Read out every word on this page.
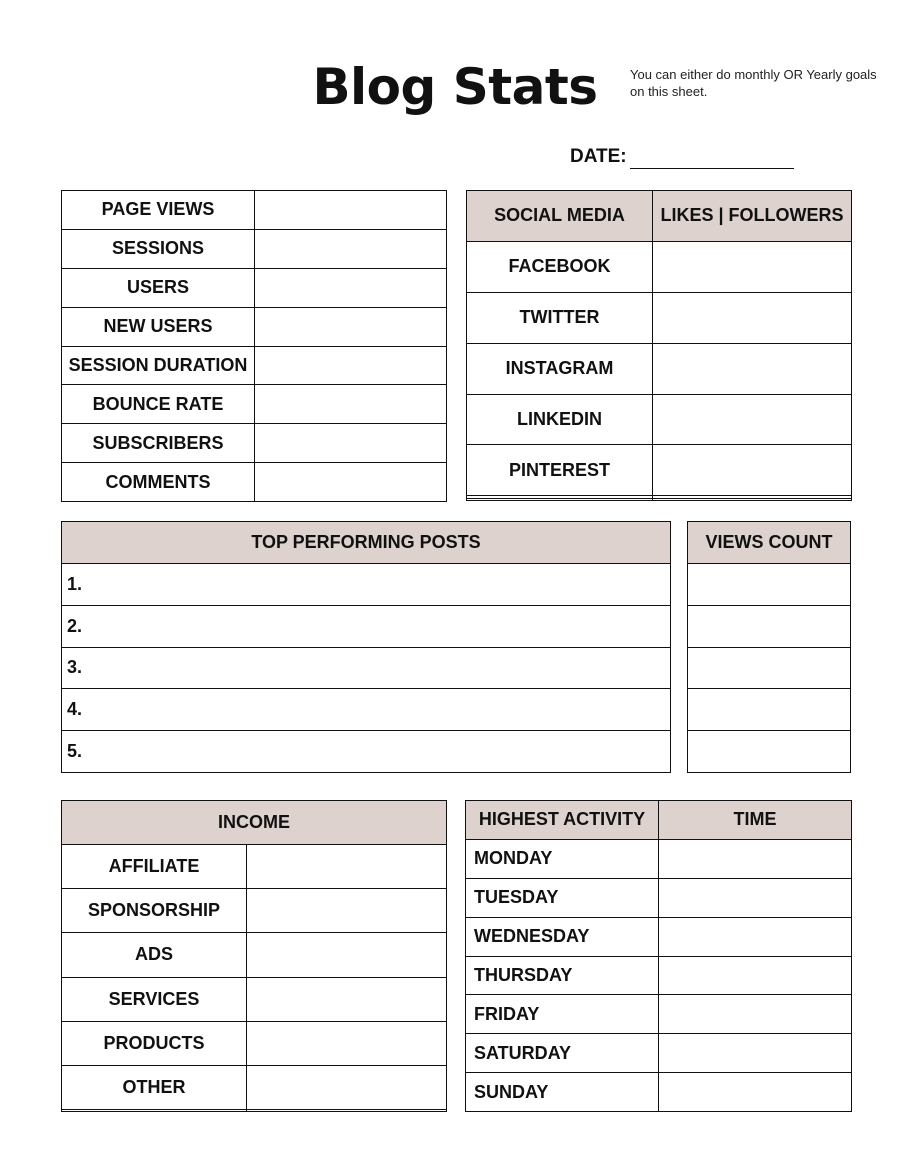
Blog Stats	You can either do monthly OR Yearly goals on this sheet.
DATE:
PAGE VIEWS	
SESSIONS	
USERS	
NEW USERS	
SESSION DURATION	
BOUNCE RATE	
SUBSCRIBERS	
COMMENTS	
SOCIAL MEDIA	LIKES | FOLLOWERS
FACEBOOK	
TWITTER	
INSTAGRAM	
LINKEDIN	
PINTEREST	

TOP PERFORMING POSTS
1.
2.
3.
4.
5.
VIEWS COUNT

INCOME	
AFFILIATE	
SPONSORSHIP	
ADS	
SERVICES	
PRODUCTS	
OTHER	

HIGHEST ACTIVITY	TIME
MONDAY	
TUESDAY	
WEDNESDAY	
THURSDAY	
FRIDAY	
SATURDAY	
SUNDAY	
